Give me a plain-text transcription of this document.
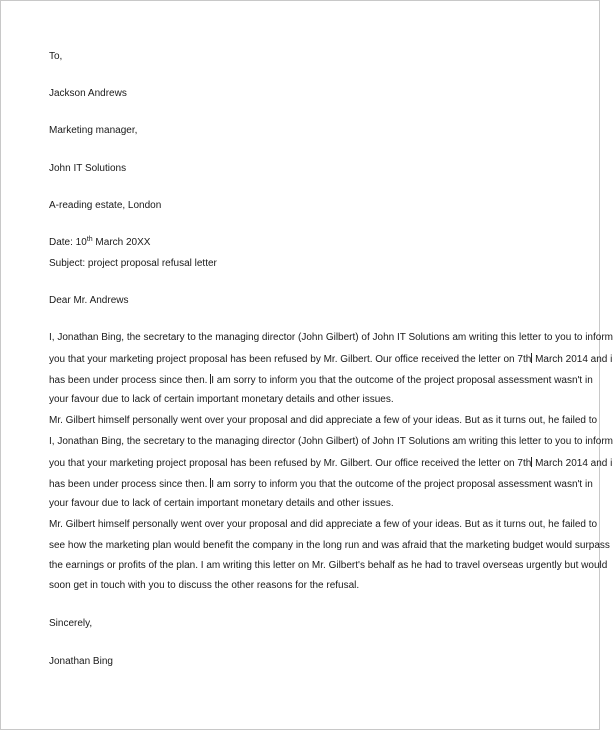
To,
Jackson Andrews
Marketing manager,
John IT Solutions
A-reading estate, London
Date: 10th March 20XX
Subject: project proposal refusal letter
Dear Mr. Andrews
I, Jonathan Bing, the secretary to the managing director (John Gilbert) of John IT Solutions am writing this letter to you to inform
you that your marketing project proposal has been refused by Mr. Gilbert. Our office received the letter on 7th March 2014 and i
has been under process since then. I am sorry to inform you that the outcome of the project proposal assessment wasn't in
your favour due to lack of certain important monetary details and other issues.
Mr. Gilbert himself personally went over your proposal and did appreciate a few of your ideas. But as it turns out, he failed to
I, Jonathan Bing, the secretary to the managing director (John Gilbert) of John IT Solutions am writing this letter to you to inform
you that your marketing project proposal has been refused by Mr. Gilbert. Our office received the letter on 7th March 2014 and i
has been under process since then. I am sorry to inform you that the outcome of the project proposal assessment wasn't in
your favour due to lack of certain important monetary details and other issues.
Mr. Gilbert himself personally went over your proposal and did appreciate a few of your ideas. But as it turns out, he failed to
see how the marketing plan would benefit the company in the long run and was afraid that the marketing budget would surpass
the earnings or profits of the plan. I am writing this letter on Mr. Gilbert's behalf as he had to travel overseas urgently but would
soon get in touch with you to discuss the other reasons for the refusal.
Sincerely,
Jonathan Bing
